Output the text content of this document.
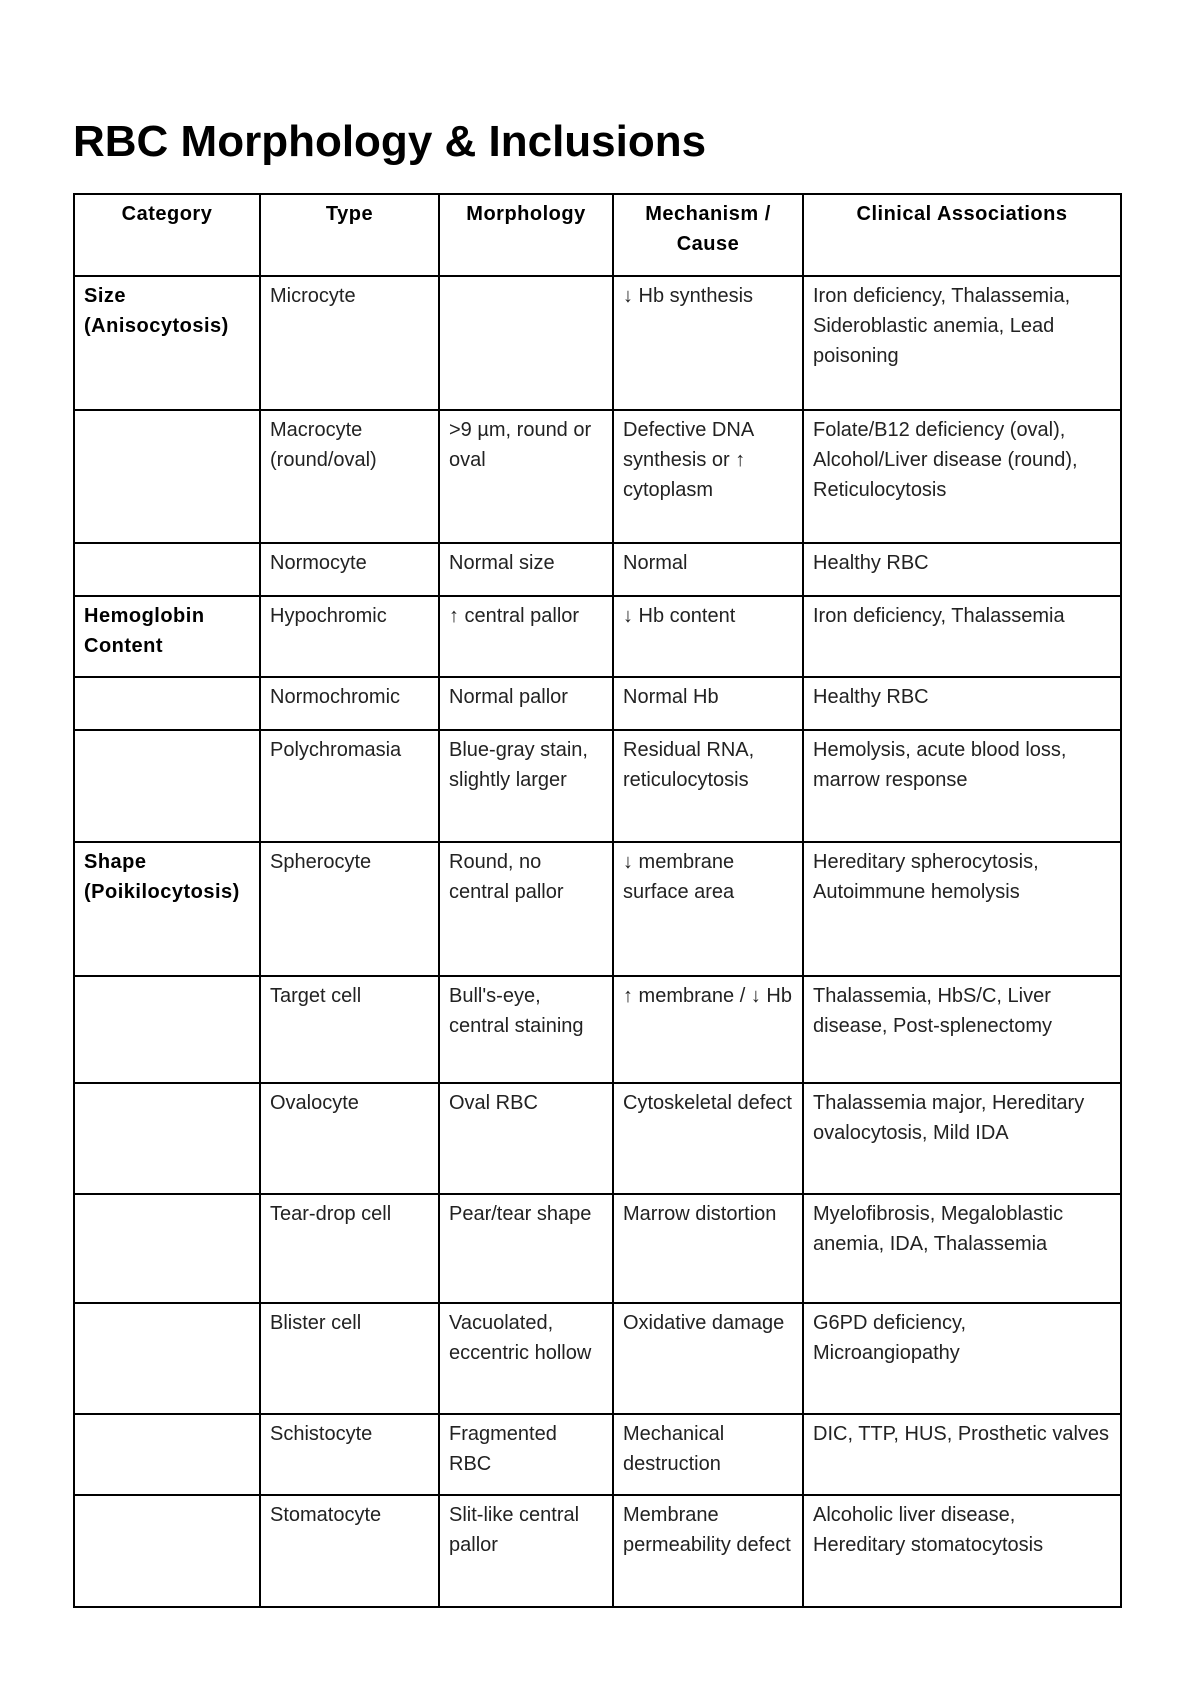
RBC Morphology & Inclusions
Category	Type	Morphology	Mechanism / Cause	Clinical Associations
Size (Anisocytosis)	Microcyte		↓ Hb synthesis	Iron deficiency, Thalassemia, Sideroblastic anemia, Lead poisoning
	Macrocyte (round/oval)	>9 µm, round or oval	Defective DNA synthesis or ↑ cytoplasm	Folate/B12 deficiency (oval), Alcohol/Liver disease (round), Reticulocytosis
	Normocyte	Normal size	Normal	Healthy RBC
Hemoglobin Content	Hypochromic	↑ central pallor	↓ Hb content	Iron deficiency, Thalassemia
	Normochromic	Normal pallor	Normal Hb	Healthy RBC
	Polychromasia	Blue-gray stain, slightly larger	Residual RNA, reticulocytosis	Hemolysis, acute blood loss, marrow response
Shape (Poikilocytosis)	Spherocyte	Round, no central pallor	↓ membrane surface area	Hereditary spherocytosis, Autoimmune hemolysis
	Target cell	Bull's-eye, central staining	↑ membrane / ↓ Hb	Thalassemia, HbS/C, Liver disease, Post-splenectomy
	Ovalocyte	Oval RBC	Cytoskeletal defect	Thalassemia major, Hereditary ovalocytosis, Mild IDA
	Tear-drop cell	Pear/tear shape	Marrow distortion	Myelofibrosis, Megaloblastic anemia, IDA, Thalassemia
	Blister cell	Vacuolated, eccentric hollow	Oxidative damage	G6PD deficiency, Microangiopathy
	Schistocyte	Fragmented RBC	Mechanical destruction	DIC, TTP, HUS, Prosthetic valves
	Stomatocyte	Slit-like central pallor	Membrane permeability defect	Alcoholic liver disease, Hereditary stomatocytosis
